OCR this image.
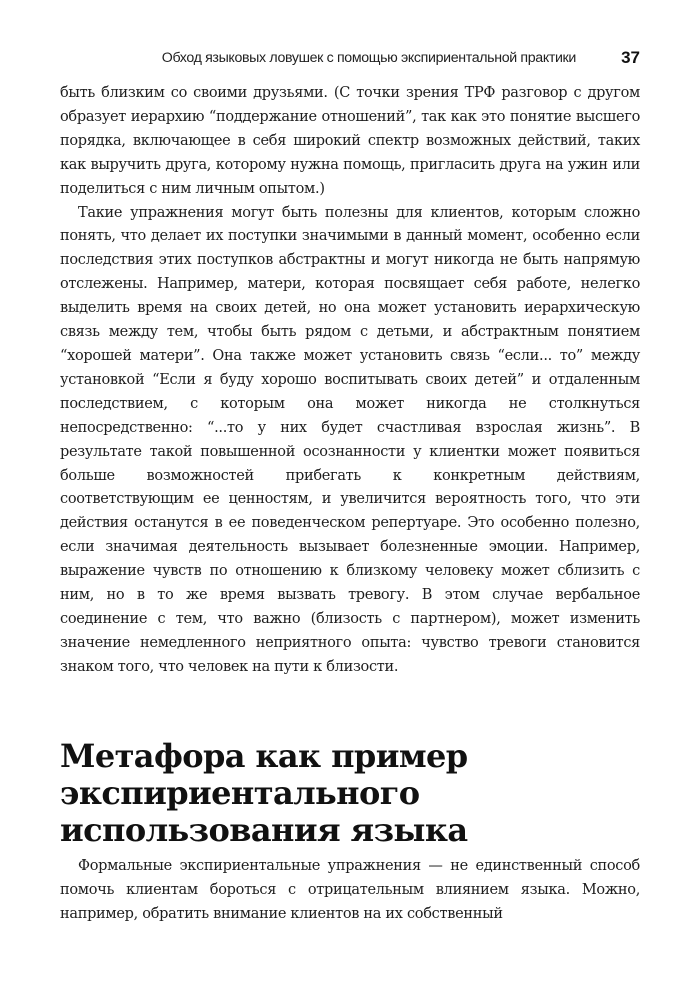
Обход языковых ловушек с помощью экспириентальной практики	37

быть близким со своими друзьями. (С точки зрения ТРФ разговор с другом образует иерархию “поддержание отношений”, так как это понятие высшего порядка, включающее в себя широкий спектр возможных действий, таких как выручить друга, которому нужна помощь, пригласить друга на ужин или поделиться с ним личным опытом.)

Такие упражнения могут быть полезны для клиентов, которым сложно понять, что делает их поступки значимыми в данный момент, особенно если последствия этих поступков абстрактны и могут никогда не быть напрямую отслежены. Например, матери, которая посвящает себя работе, нелегко выделить время на своих детей, но она может установить иерархическую связь между тем, чтобы быть рядом с детьми, и абстрактным понятием “хорошей матери”. Она также может установить связь “если... то” между установкой “Если я буду хорошо воспитывать своих детей” и отдаленным последствием, с которым она может никогда не столкнуться непосредственно: “...то у них будет счастливая взрослая жизнь”. В результате такой повышенной осознанности у клиентки может появиться больше возможностей прибегать к конкретным действиям, соответствующим ее ценностям, и увеличится вероятность того, что эти действия останутся в ее поведенческом репертуаре. Это особенно полезно, если значимая деятельность вызывает болезненные эмоции. Например, выражение чувств по отношению к близкому человеку может сблизить с ним, но в то же время вызвать тревогу. В этом случае вербальное соединение с тем, что важно (близость с партнером), может изменить значение немедленного неприятного опыта: чувство тревоги становится знаком того, что человек на пути к близости.

Метафора как пример экспириентального использования языка

Формальные экспириентальные упражнения — не единственный способ помочь клиентам бороться с отрицательным влиянием языка. Можно, например, обратить внимание клиентов на их собственный
